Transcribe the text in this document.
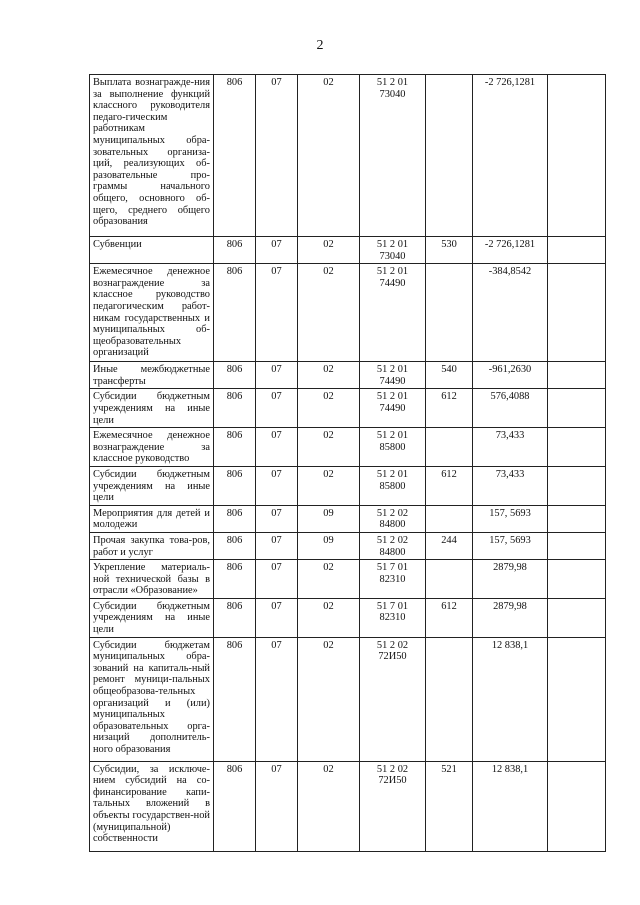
2
Выплата вознагражде-ния за выполнение функций классного руководителя педаго-гическим работникам муниципальных обра-зовательных организа-ций, реализующих об-разовательные про-граммы начального общего, основного об-щего, среднего общего образования	806	07	02	51 2 01 73040		-2 726,1281	
Субвенции	806	07	02	51 2 01 73040	530	-2 726,1281	
Ежемесячное денежное вознаграждение за классное руководство педагогическим работ-никам государственных и муниципальных об-щеобразовательных организаций	806	07	02	51 2 01 74490		-384,8542	
Иные межбюджетные трансферты	806	07	02	51 2 01 74490	540	-961,2630	
Субсидии бюджетным учреждениям на иные цели	806	07	02	51 2 01 74490	612	576,4088	
Ежемесячное денежное вознаграждение за классное руководство	806	07	02	51 2 01 85800		73,433	
Субсидии бюджетным учреждениям на иные цели	806	07	02	51 2 01 85800	612	73,433	
Мероприятия для детей и молодежи	806	07	09	51 2 02 84800		157, 5693	
Прочая закупка това-ров, работ и услуг	806	07	09	51 2 02 84800	244	157, 5693	
Укрепление материаль-ной технической базы в отрасли «Образование»	806	07	02	51 7 01 82310		2879,98	
Субсидии бюджетным учреждениям на иные цели	806	07	02	51 7 01 82310	612	2879,98	
Субсидии бюджетам муниципальных обра-зований на капиталь-ный ремонт муници-пальных общеобразова-тельных организаций и (или) муниципальных образовательных орга-низаций дополнитель-ного образования	806	07	02	51 2 02 72И50		12 838,1	
Субсидии, за исключе-нием субсидий на со-финансирование капи-тальных вложений в объекты государствен-ной (муниципальной) собственности	806	07	02	51 2 02 72И50	521	12 838,1	
